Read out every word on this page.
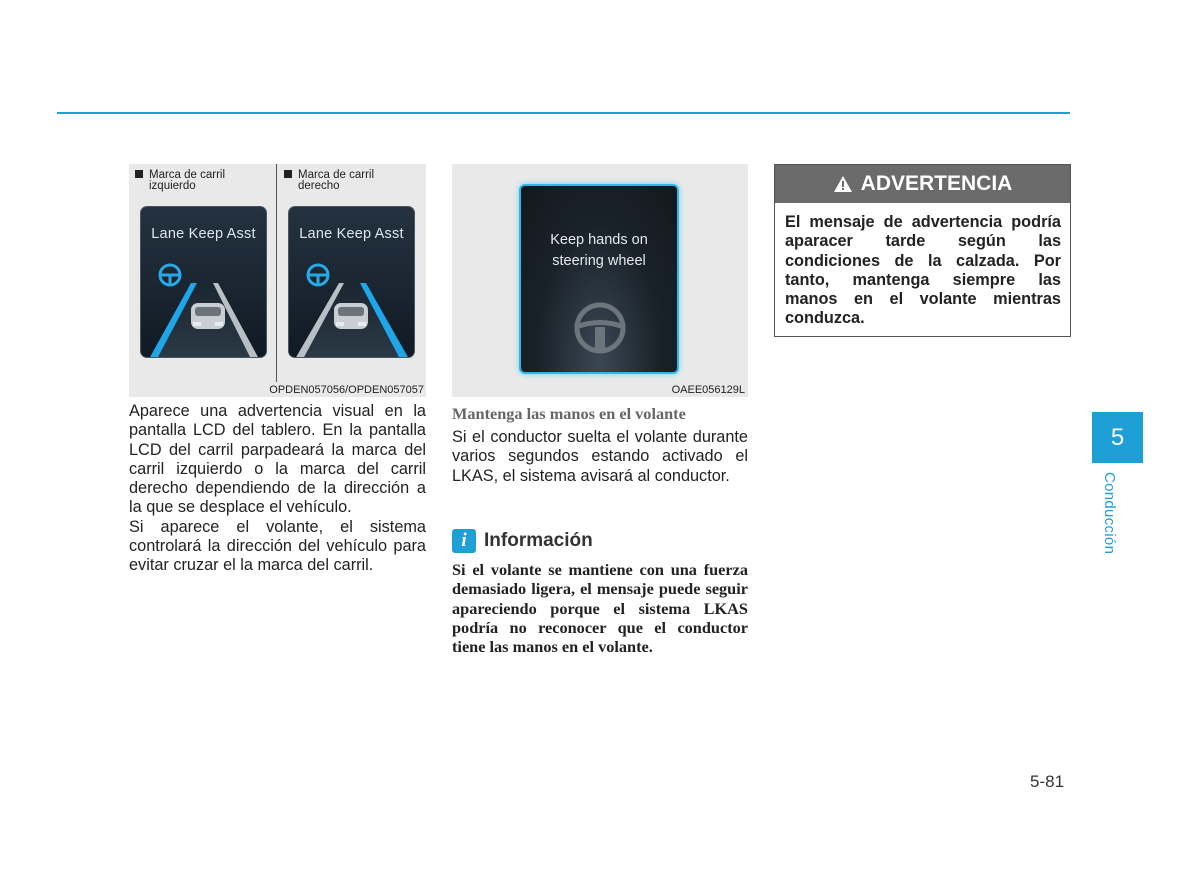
Marca de carril
izquierdo
Marca de carril
derecho
Lane Keep Asst	Lane Keep Asst
OPDEN057056/OPDEN057057

Aparece una advertencia visual en la pantalla LCD del tablero. En la pantalla LCD del carril parpadeará la marca del carril izquierdo o la marca del carril derecho dependiendo de la dirección a la que se desplace el vehículo.

Si aparece el volante, el sistema controlará la dirección del vehículo para evitar cruzar el la marca del carril.

Keep hands on
steering wheel
OAEE056129L
Mantenga las manos en el volante
Si el conductor suelta el volante durante varios segundos estando activado el LKAS, el sistema avisará al conductor.
i Información
Si el volante se mantiene con una fuerza demasiado ligera, el mensaje puede seguir apareciendo porque el sistema LKAS podría no reconocer que el conductor tiene las manos en el volante.
ADVERTENCIA
El mensaje de advertencia podría aparacer tarde según las condiciones de la calzada. Por tanto, mantenga siempre las manos en el volante mientras conduzca.
5
Conducción
5-81
